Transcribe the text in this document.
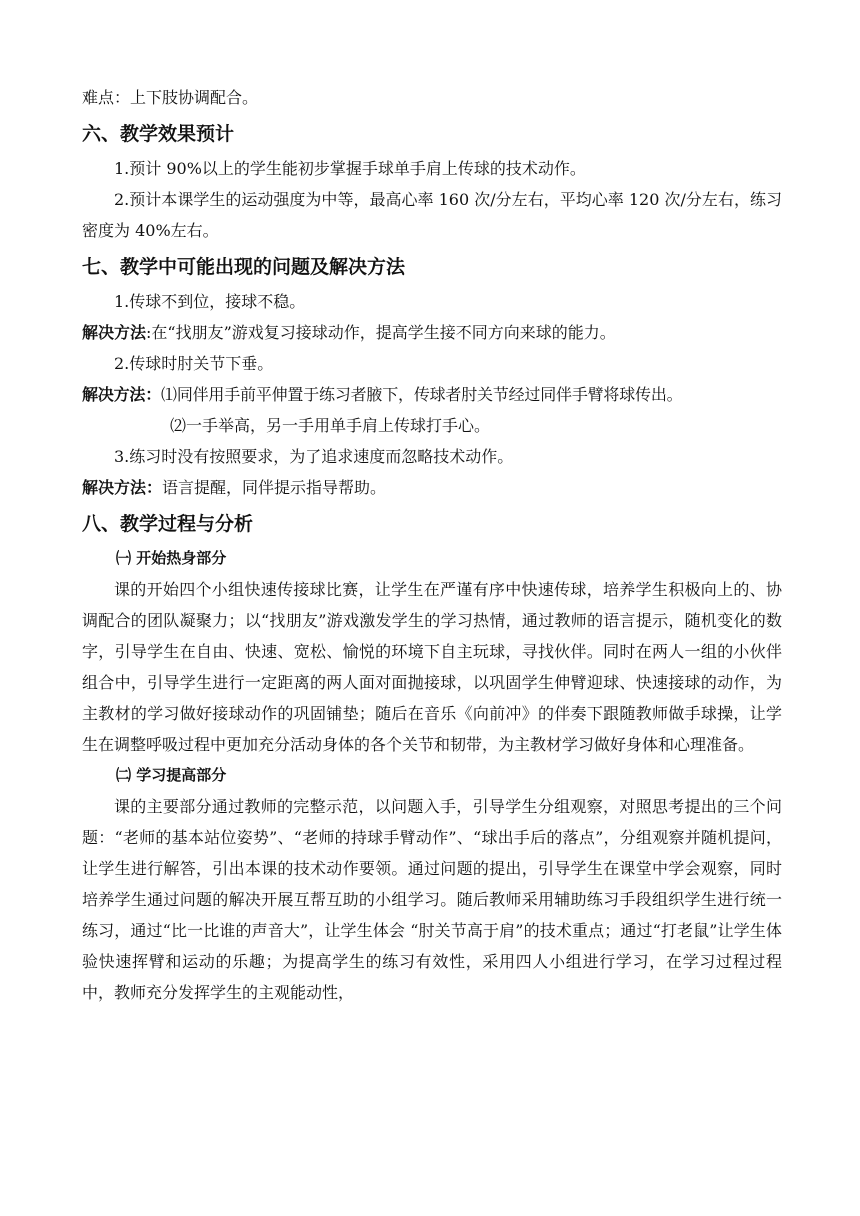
难点：上下肢协调配合。

六、教学效果预计

1.预计 90%以上的学生能初步掌握手球单手肩上传球的技术动作。

2.预计本课学生的运动强度为中等，最高心率 160 次/分左右，平均心率 120 次/分左右，练习密度为 40%左右。

七、教学中可能出现的问题及解决方法

1.传球不到位，接球不稳。

解决方法:在“找朋友”游戏复习接球动作，提高学生接不同方向来球的能力。

2.传球时肘关节下垂。

解决方法：⑴同伴用手前平伸置于练习者腋下，传球者肘关节经过同伴手臂将球传出。

⑵一手举高，另一手用单手肩上传球打手心。

3.练习时没有按照要求，为了追求速度而忽略技术动作。

解决方法：语言提醒，同伴提示指导帮助。

八、教学过程与分析

㈠ 开始热身部分

课的开始四个小组快速传接球比赛，让学生在严谨有序中快速传球，培养学生积极向上的、协调配合的团队凝聚力；以“找朋友”游戏激发学生的学习热情，通过教师的语言提示，随机变化的数字，引导学生在自由、快速、宽松、愉悦的环境下自主玩球，寻找伙伴。同时在两人一组的小伙伴组合中，引导学生进行一定距离的两人面对面抛接球，以巩固学生伸臂迎球、快速接球的动作，为主教材的学习做好接球动作的巩固铺垫；随后在音乐《向前冲》的伴奏下跟随教师做手球操，让学生在调整呼吸过程中更加充分活动身体的各个关节和韧带，为主教材学习做好身体和心理准备。

㈡ 学习提高部分

课的主要部分通过教师的完整示范，以问题入手，引导学生分组观察，对照思考提出的三个问题：“老师的基本站位姿势”、“老师的持球手臂动作”、“球出手后的落点”，分组观察并随机提问，让学生进行解答，引出本课的技术动作要领。通过问题的提出，引导学生在课堂中学会观察，同时培养学生通过问题的解决开展互帮互助的小组学习。随后教师采用辅助练习手段组织学生进行统一练习，通过“比一比谁的声音大”，让学生体会 “肘关节高于肩”的技术重点；通过“打老鼠”让学生体验快速挥臂和运动的乐趣；为提高学生的练习有效性，采用四人小组进行学习，在学习过程过程中，教师充分发挥学生的主观能动性，
